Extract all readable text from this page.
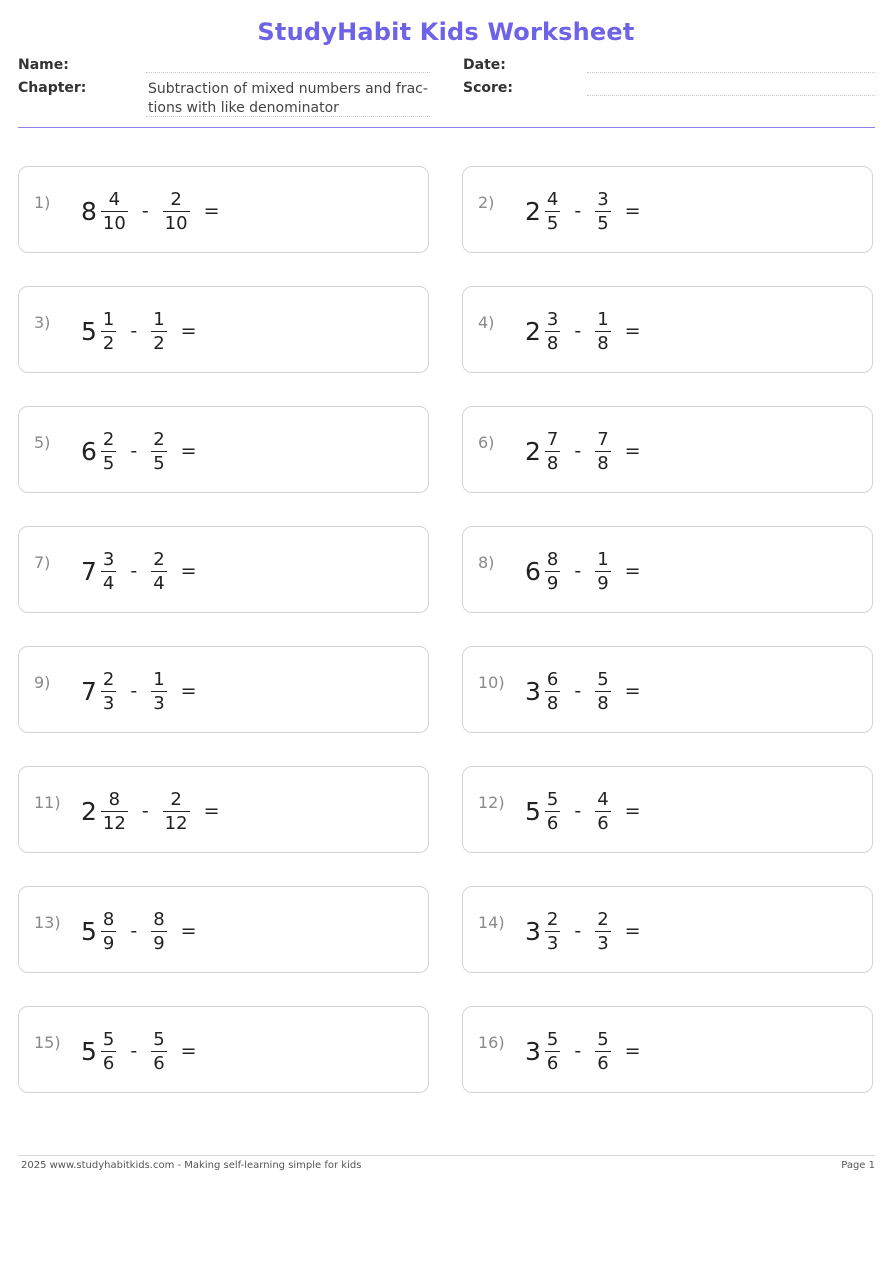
StudyHabit Kids Worksheet
Name:
Chapter:	Subtraction of mixed numbers and frac- tions with like denominator
Date:
Score:
1) $8 \frac{4}{10} - \frac{2}{10}$ =	2) $2 \frac{4}{5} - \frac{3}{5}$ =
3) $5 \frac{1}{2} - \frac{1}{2}$ =	4) $2 \frac{3}{8} - \frac{1}{8}$ =
5) $6 \frac{2}{5} - \frac{2}{5}$ =	6) $2 \frac{7}{8} - \frac{7}{8}$ =
7) $7 \frac{3}{4} - \frac{2}{4}$ =	8) $6 \frac{8}{9} - \frac{1}{9}$ =
9) $7 \frac{2}{3} - \frac{1}{3}$ =	10) $3 \frac{6}{8} - \frac{5}{8}$ =
11) $2 \frac{8}{12} - \frac{2}{12}$ =	12) $5 \frac{5}{6} - \frac{4}{6}$ =
13) $5 \frac{8}{9} - \frac{8}{9}$ =	14) $3 \frac{2}{3} - \frac{2}{3}$ =
15) $5 \frac{5}{6} - \frac{5}{6}$ =	16) $3 \frac{5}{6} - \frac{5}{6}$ =
2025 www.studyhabitkids.com - Making self-learning simple for kids	Page 1
